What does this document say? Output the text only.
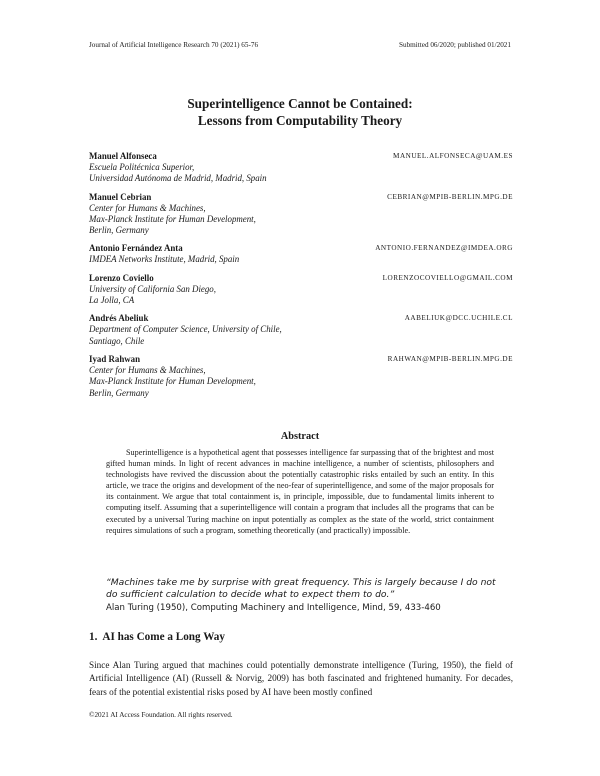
Journal of Artificial Intelligence Research 70 (2021) 65-76	Submitted 06/2020; published 01/2021
Superintelligence Cannot be Contained:
Lessons from Computability Theory
Manuel Alfonseca	MANUEL.ALFONSECA@UAM.ES
Escuela Politécnica Superior,
Universidad Autónoma de Madrid, Madrid, Spain
Manuel Cebrian	CEBRIAN@MPIB-BERLIN.MPG.DE
Center for Humans & Machines,
Max-Planck Institute for Human Development,
Berlin, Germany
Antonio Fernández Anta	ANTONIO.FERNANDEZ@IMDEA.ORG
IMDEA Networks Institute, Madrid, Spain
Lorenzo Coviello	LORENZOCOVIELLO@GMAIL.COM
University of California San Diego,
La Jolla, CA
Andrés Abeliuk	AABELIUK@DCC.UCHILE.CL
Department of Computer Science, University of Chile,
Santiago, Chile
Iyad Rahwan	RAHWAN@MPIB-BERLIN.MPG.DE
Center for Humans & Machines,
Max-Planck Institute for Human Development,
Berlin, Germany
Abstract

Superintelligence is a hypothetical agent that possesses intelligence far surpassing that of the brightest and most gifted human minds. In light of recent advances in machine intelligence, a number of scientists, philosophers and technologists have revived the discussion about the potentially catastrophic risks entailed by such an entity. In this article, we trace the origins and development of the neo-fear of superintelligence, and some of the major proposals for its containment. We argue that total containment is, in principle, impossible, due to fundamental limits inherent to computing itself. Assuming that a superintelligence will contain a program that includes all the programs that can be executed by a universal Turing machine on input potentially as complex as the state of the world, strict containment requires simulations of such a program, something theoretically (and practically) impossible.

“Machines take me by surprise with great frequency. This is largely because I do not do sufficient calculation to decide what to expect them to do.”
Alan Turing (1950), Computing Machinery and Intelligence, Mind, 59, 433-460
1. AI has Come a Long Way

Since Alan Turing argued that machines could potentially demonstrate intelligence (Turing, 1950), the field of Artificial Intelligence (AI) (Russell & Norvig, 2009) has both fascinated and frightened humanity. For decades, fears of the potential existential risks posed by AI have been mostly confined

©2021 AI Access Foundation. All rights reserved.
